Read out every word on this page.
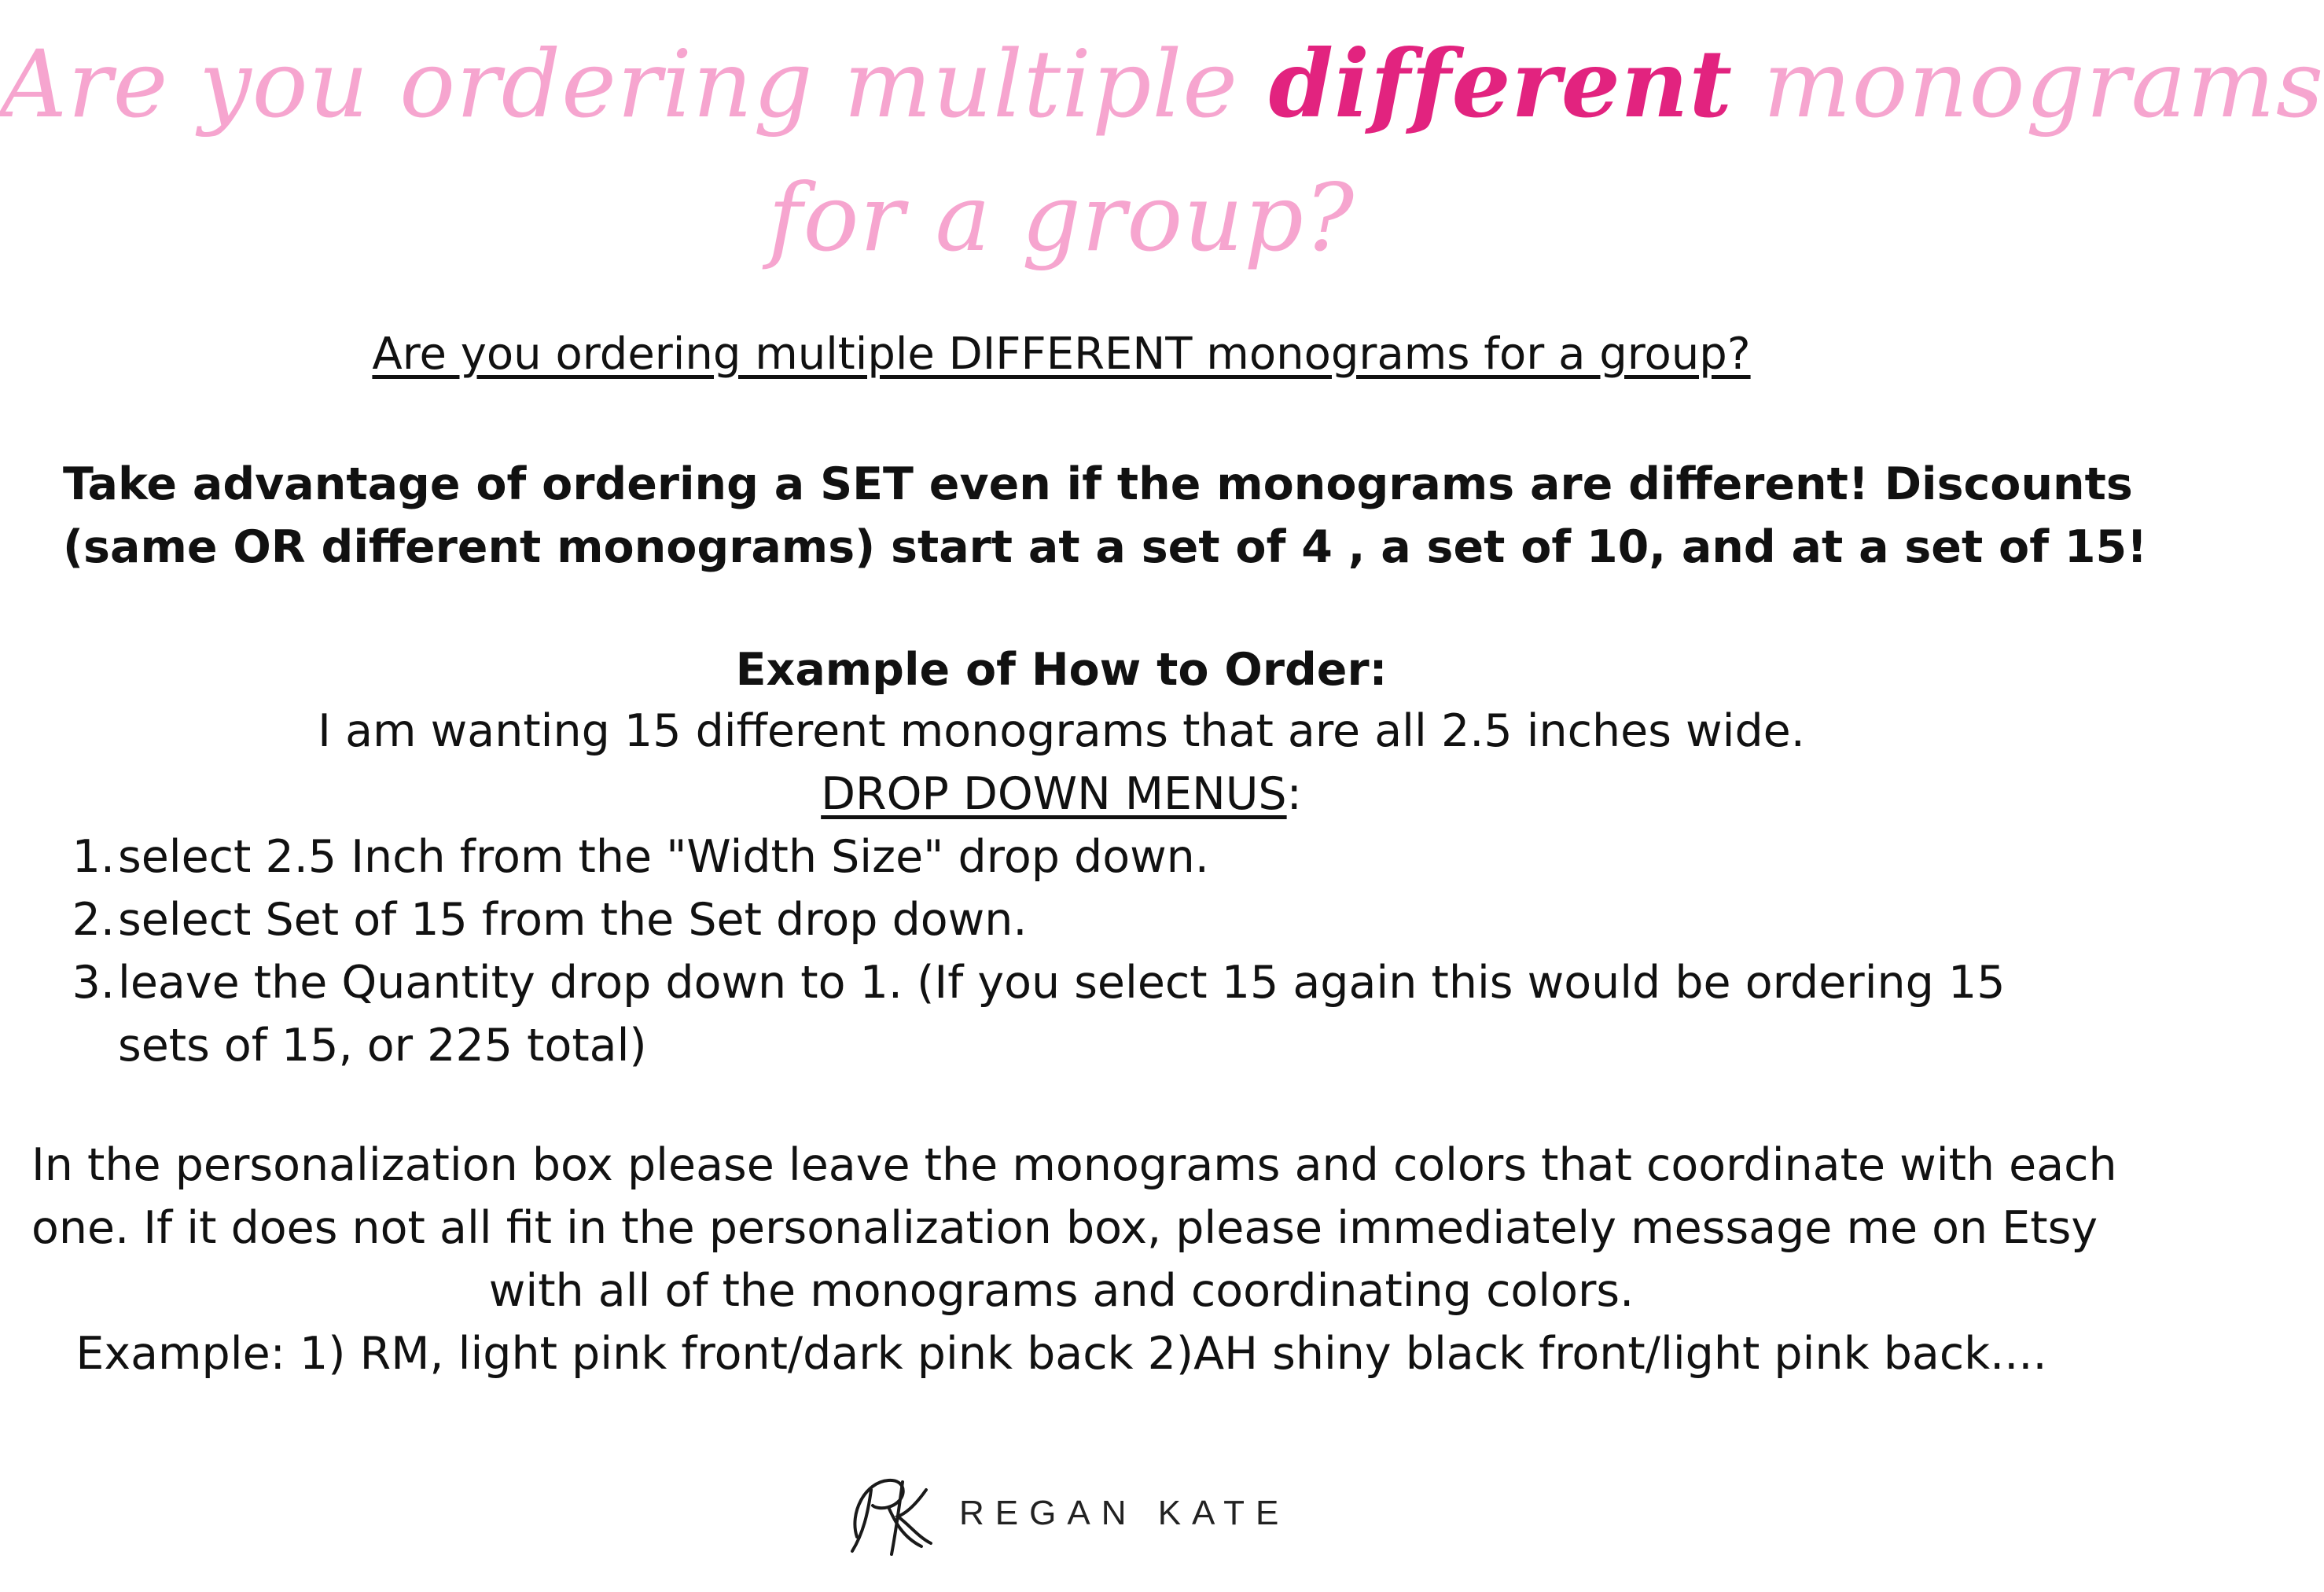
Are you ordering multiple different monograms
for a group?
Are you ordering multiple DIFFERENT monograms for a group?
Take advantage of ordering a SET even if the monograms are different! Discounts
(same OR different monograms) start at a set of 4 , a set of 10, and at a set of 15!
Example of How to Order:
I am wanting 15 different monograms that are all 2.5 inches wide.
DROP DOWN MENUS:
1. select 2.5 Inch from the "Width Size" drop down.
2. select Set of 15 from the Set drop down.
3. leave the Quantity drop down to 1. (If you select 15 again this would be ordering 15 sets of 15, or 225 total)
In the personalization box please leave the monograms and colors that coordinate with each
one. If it does not all fit in the personalization box, please immediately message me on Etsy
with all of the monograms and coordinating colors.
Example: 1) RM, light pink front/dark pink back 2)AH shiny black front/light pink back....
REGAN KATE
